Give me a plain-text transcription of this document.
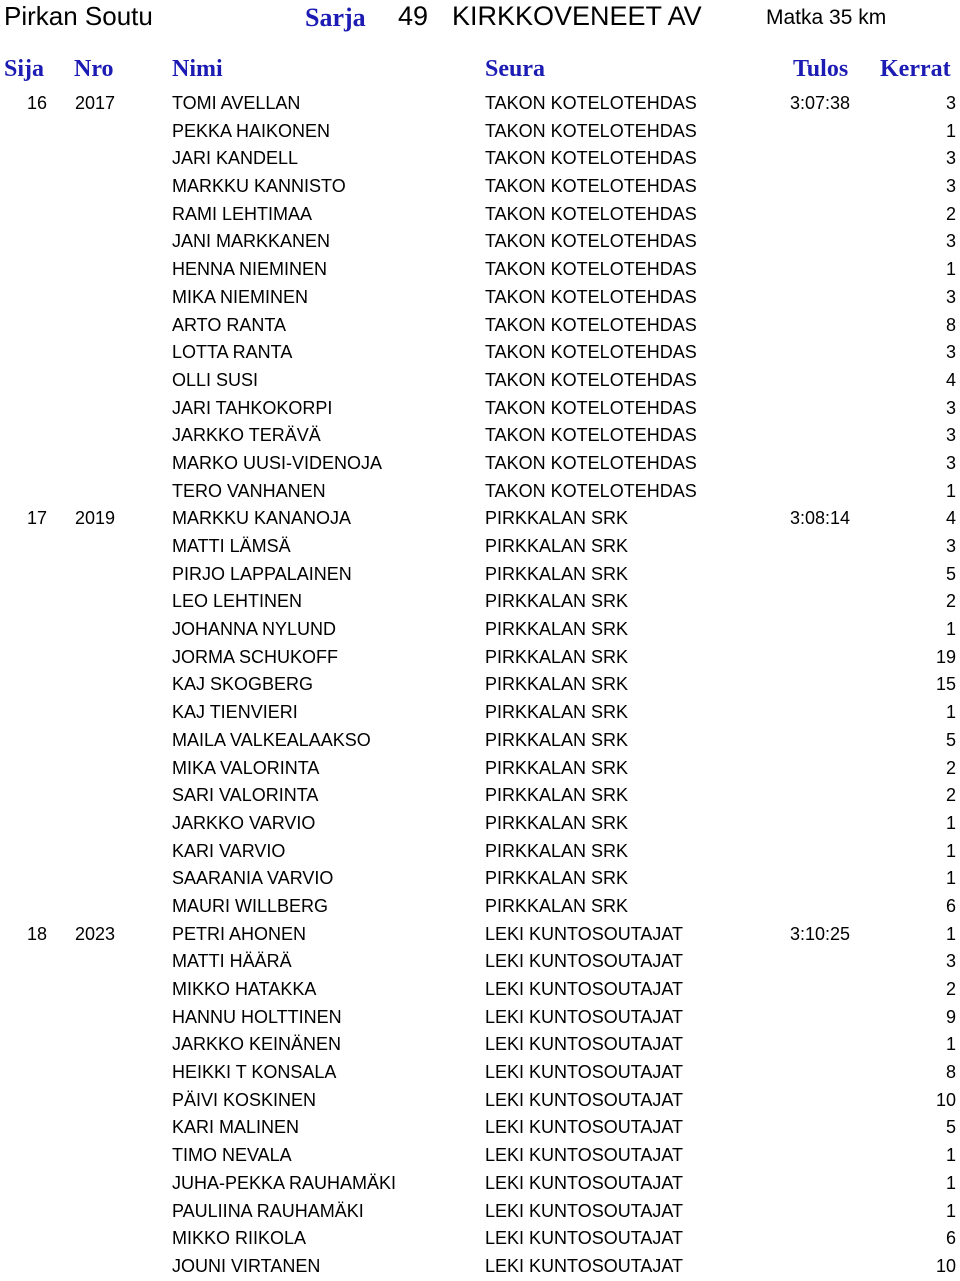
Pirkan Soutu	Sarja 49 KIRKKOVENEET AV	Matka 35 km
Sija Nro Nimi	Seura	Tulos Kerrat
16 2017	TOMI AVELLAN	TAKON KOTELOTEHDAS	3:07:38	3
PEKKA HAIKONEN	TAKON KOTELOTEHDAS	1
JARI KANDELL	TAKON KOTELOTEHDAS	3
MARKKU KANNISTO	TAKON KOTELOTEHDAS	3
RAMI LEHTIMAA	TAKON KOTELOTEHDAS	2
JANI MARKKANEN	TAKON KOTELOTEHDAS	3
HENNA NIEMINEN	TAKON KOTELOTEHDAS	1
MIKA NIEMINEN	TAKON KOTELOTEHDAS	3
ARTO RANTA	TAKON KOTELOTEHDAS	8
LOTTA RANTA	TAKON KOTELOTEHDAS	3
OLLI SUSI	TAKON KOTELOTEHDAS	4
JARI TAHKOKORPI	TAKON KOTELOTEHDAS	3
JARKKO TERÄVÄ	TAKON KOTELOTEHDAS	3
MARKO UUSI-VIDENOJA	TAKON KOTELOTEHDAS	3
TERO VANHANEN	TAKON KOTELOTEHDAS	1
17 2019	MARKKU KANANOJA	PIRKKALAN SRK	3:08:14	4
MATTI LÄMSÄ	PIRKKALAN SRK	3
PIRJO LAPPALAINEN	PIRKKALAN SRK	5
LEO LEHTINEN	PIRKKALAN SRK	2
JOHANNA NYLUND	PIRKKALAN SRK	1
JORMA SCHUKOFF	PIRKKALAN SRK	19
KAJ SKOGBERG	PIRKKALAN SRK	15
KAJ TIENVIERI	PIRKKALAN SRK	1
MAILA VALKEALAAKSO	PIRKKALAN SRK	5
MIKA VALORINTA	PIRKKALAN SRK	2
SARI VALORINTA	PIRKKALAN SRK	2
JARKKO VARVIO	PIRKKALAN SRK	1
KARI VARVIO	PIRKKALAN SRK	1
SAARANIA VARVIO	PIRKKALAN SRK	1
MAURI WILLBERG	PIRKKALAN SRK	6
18 2023	PETRI AHONEN	LEKI KUNTOSOUTAJAT	3:10:25	1
MATTI HÄÄRÄ	LEKI KUNTOSOUTAJAT	3
MIKKO HATAKKA	LEKI KUNTOSOUTAJAT	2
HANNU HOLTTINEN	LEKI KUNTOSOUTAJAT	9
JARKKO KEINÄNEN	LEKI KUNTOSOUTAJAT	1
HEIKKI T KONSALA	LEKI KUNTOSOUTAJAT	8
PÄIVI KOSKINEN	LEKI KUNTOSOUTAJAT	10
KARI MALINEN	LEKI KUNTOSOUTAJAT	5
TIMO NEVALA	LEKI KUNTOSOUTAJAT	1
JUHA-PEKKA RAUHAMÄKI	LEKI KUNTOSOUTAJAT	1
PAULIINA RAUHAMÄKI	LEKI KUNTOSOUTAJAT	1
MIKKO RIIKOLA	LEKI KUNTOSOUTAJAT	6
JOUNI VIRTANEN	LEKI KUNTOSOUTAJAT	10
